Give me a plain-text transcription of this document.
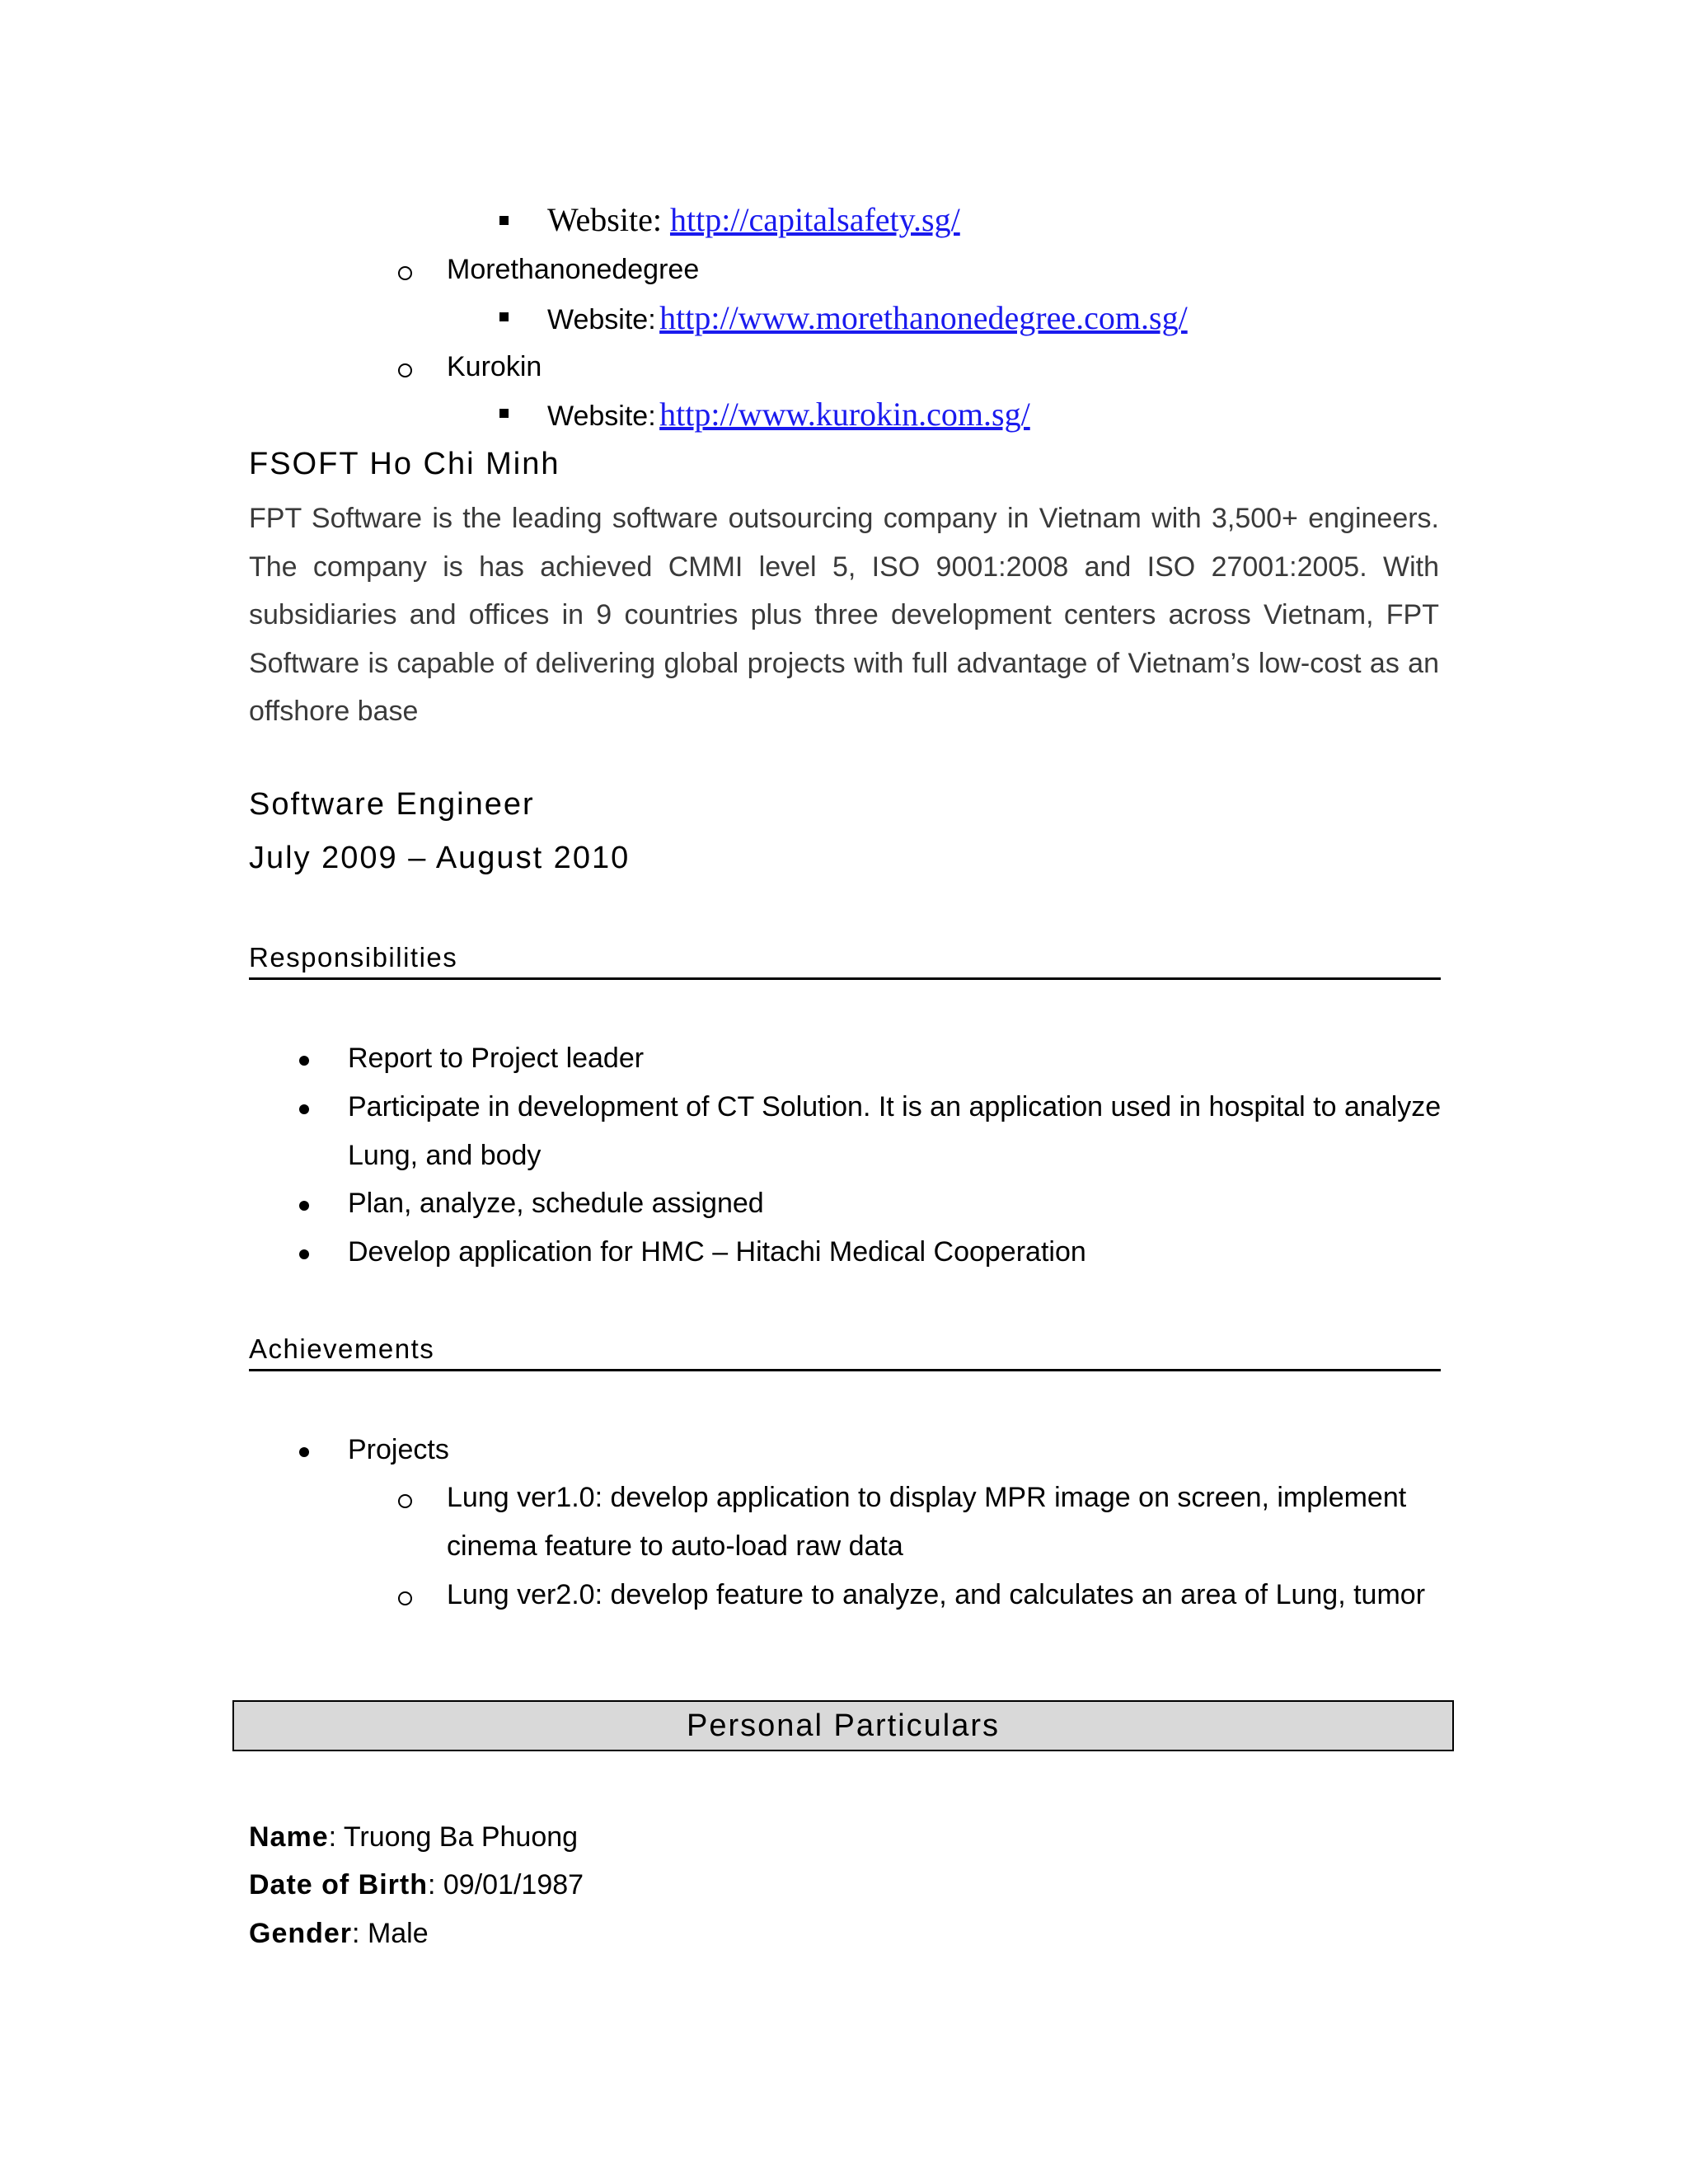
Website: http://capitalsafety.sg/

Morethanonedegree

Website: http://www.morethanonedegree.com.sg/

Kurokin

Website: http://www.kurokin.com.sg/

FSOFT Ho Chi Minh

FPT Software is the leading software outsourcing company in Vietnam with 3,500+ engineers. The company is has achieved CMMI level 5, ISO 9001:2008 and ISO 27001:2005. With subsidiaries and offices in 9 countries plus three development centers across Vietnam, FPT Software is capable of delivering global projects with full advantage of Vietnam’s low-cost as an offshore base

Software Engineer

July 2009 – August 2010

Responsibilities

Report to Project leader

Participate in development of CT Solution. It is an application used in hospital to analyze

Lung, and body

Plan, analyze, schedule assigned

Develop application for HMC – Hitachi Medical Cooperation

Achievements

Projects

Lung ver1.0: develop application to display MPR image on screen, implement

cinema feature to auto-load raw data

Lung ver2.0: develop feature to analyze, and calculates an area of Lung, tumor

Personal Particulars

Name: Truong Ba Phuong

Date of Birth: 09/01/1987

Gender: Male
